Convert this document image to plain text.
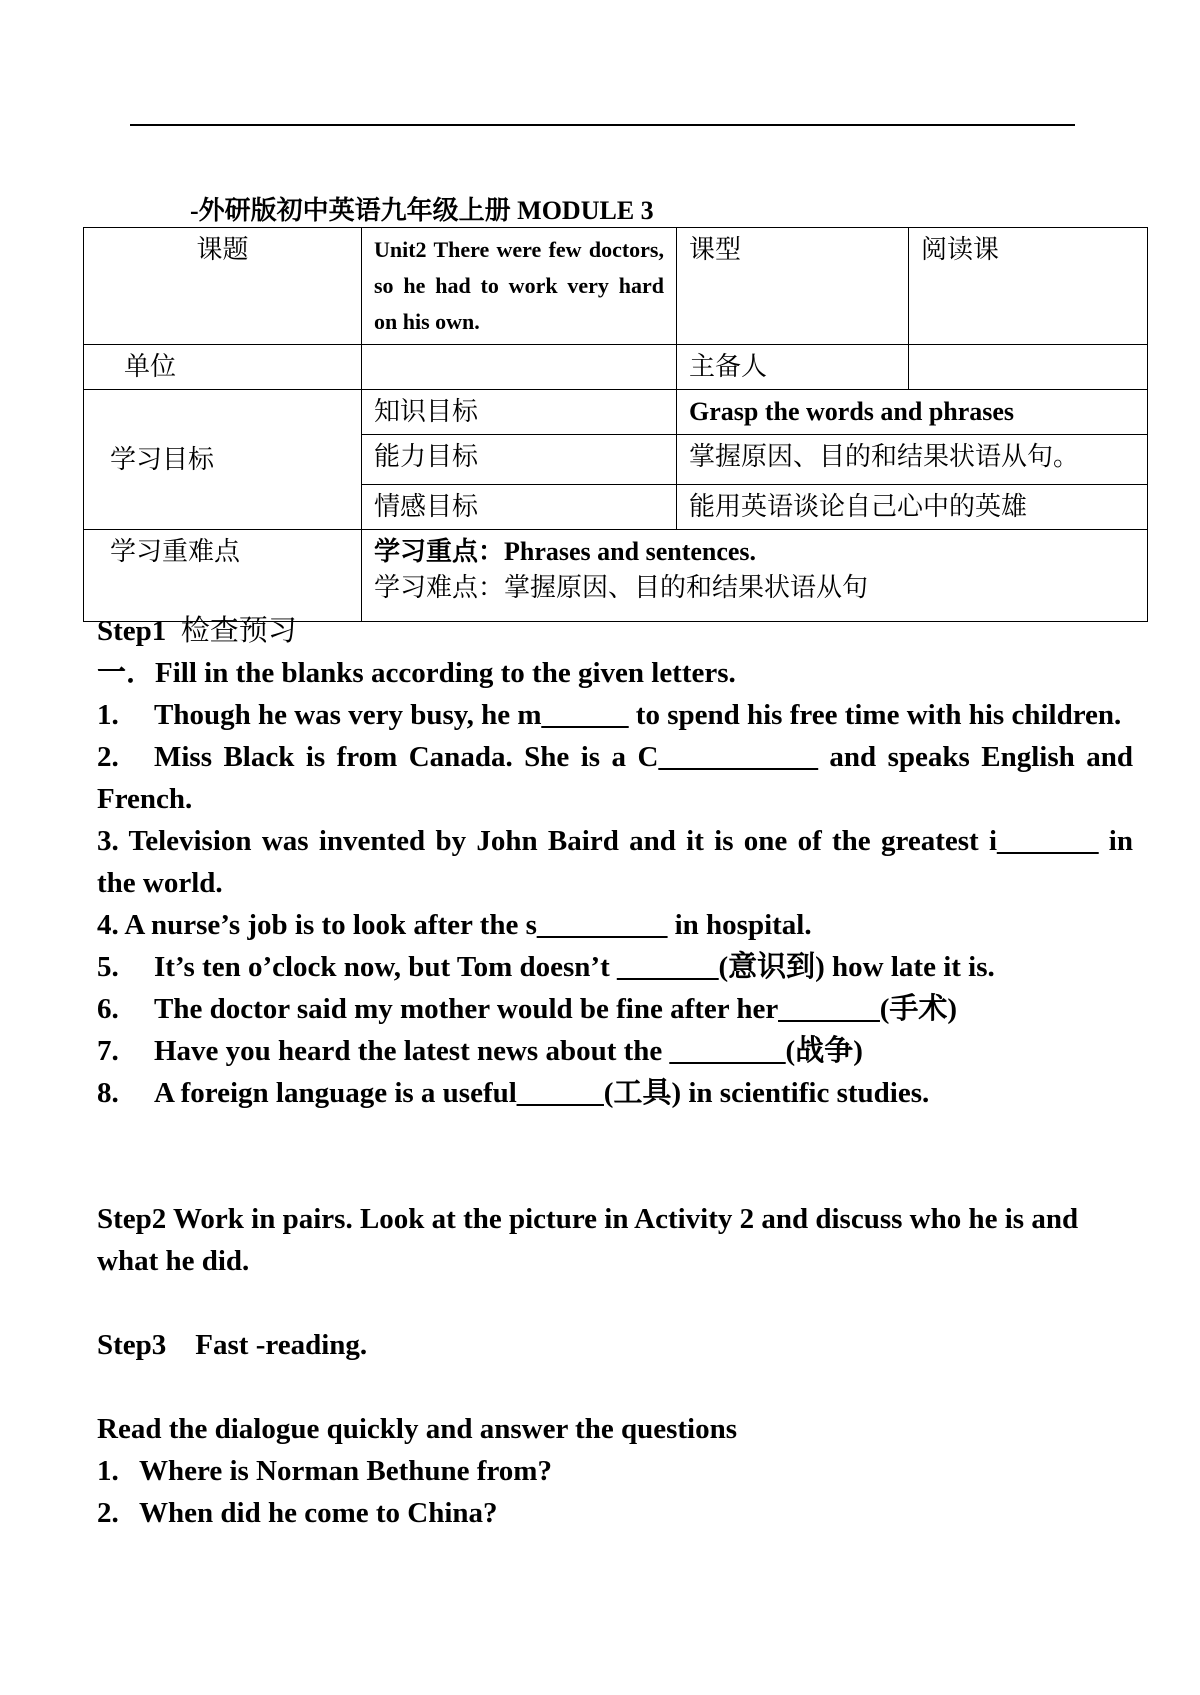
-外研版初中英语九年级上册 MODULE 3
课题	Unit2 There were few doctors, so he had to work very hard on his own.	课型	阅读课
单位		主备人	
学习目标	知识目标	Grasp the words and phrases	
	能力目标	掌握原因、目的和结果状语从句。	
	情感目标	能用英语谈论自己心中的英雄	
学习重难点	学习重点：Phrases and sentences.
学习难点：掌握原因、目的和结果状语从句		
Step1 检查预习
一．Fill in the blanks according to the given letters.
1. Though he was very busy, he m______ to spend his free time with his children.
2. Miss Black is from Canada. She is a C___________ and speaks English and French.
3. Television was invented by John Baird and it is one of the greatest i_______ in the world.
4. A nurse’s job is to look after the s_________ in hospital.
5. It’s ten o’clock now, but Tom doesn’t _______(意识到) how late it is.
6. The doctor said my mother would be fine after her_______(手术)
7. Have you heard the latest news about the ________(战争)
8. A foreign language is a useful______(工具) in scientific studies.
Step2 Work in pairs. Look at the picture in Activity 2 and discuss who he is and what he did.
Step3    Fast -reading.
Read the dialogue quickly and answer the questions
1. Where is Norman Bethune from?
2. When did he come to China?
